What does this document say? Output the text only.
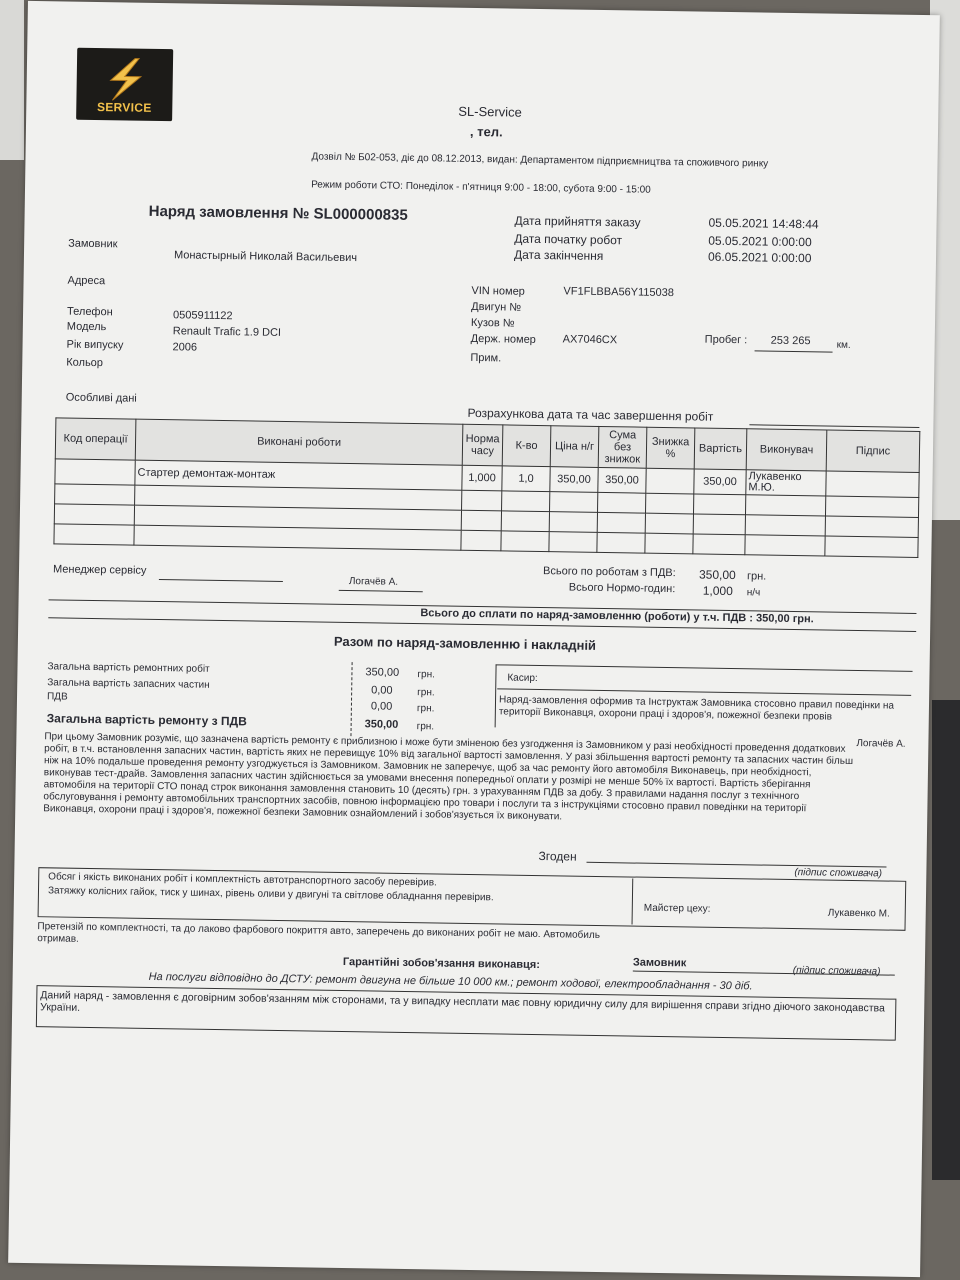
SERVICE	SL-Service
, тел.
Дозвіл № Б02-053, діє до 08.12.2013, видан: Департаментом підприємництва та споживчого ринку
Режим роботи СТО: Понеділок - п'ятниця 9:00 - 18:00, субота 9:00 - 15:00
Наряд замовлення № SL000000835	Дата прийняття заказу	05.05.2021 14:48:44
Дата початку робот	05.05.2021 0:00:00
Дата закінчення	06.05.2021 0:00:00
Замовник
Монастырный Николай Васильевич
Адреса
Телефон	0505911122
Модель	Renault Trafic 1.9 DCI
Рік випуску	2006
Кольор
Особливі дані
VIN номер	VF1FLBBA56Y115038
Двигун №
Кузов №
Держ. номер AX7046CX
Прим.
Пробег : 253 265	км.
Розрахункова дата та час завершення робіт
Код операції	Виконані роботи	Норма часу	К-во	Ціна н/г	Сума без знижок	Знижка %	Вартість	Виконувач	Підпис
	Стартер демонтаж-монтаж	1,000	1,0	350,00	350,00		350,00	Лукавенко М.Ю.	

Менеджер сервісу
Логачёв А.
Всього по роботам з ПДВ: 350,00 грн.
Всього Нормо-годин: 1,000 н/ч
Всього до сплати по наряд-замовленню (роботи) у т.ч. ПДВ : 350,00 грн.
Разом по наряд-замовленню і накладній
Загальна вартість ремонтних робіт	350,00 грн.
Загальна вартість запасних частин	0,00 грн.
ПДВ
0,00 грн.
Загальна вартість ремонту з ПДВ	350,00 грн.
Касир:
Наряд-замовлення оформив та Інструктаж Замовника стосовно правил поведінки на території Виконавця, охорони праці і здоров'я, пожежної безпеки провів
Логачёв А.
При цьому Замовник розуміє, що зазначена вартість ремонту є приблизною і може бути зміненою без узгодження із Замовником у разі необхідності проведення додаткових робіт, в т.ч. встановлення запасних частин, вартість яких не перевищує 10% від загальної вартості замовлення. У разі збільшення вартості ремонту та запасних частин більш ніж на 10% подальше проведення ремонту узгоджується із Замовником. Замовник не заперечує, щоб за час ремонту його автомобіля Виконавець, при необхідності, виконував тест-драйв. Замовлення запасних частин здійснюється за умовами внесення попередньої оплати у розмірі не менше 50% їх вартості. Вартість зберігання автомобіля на території СТО понад строк виконання замовлення становить 10 (десять) грн. з урахуванням ПДВ за добу. З правилами надання послуг з технічного обслуговування і ремонту автомобільних транспортних засобів, повною інформацією про товари і послуги та з інструкціями стосовно правил поведінки на території Виконавця, охорони праці і здоров'я, пожежної безпеки Замовник ознайомлений і зобов'язується їх виконувати.
Згоден
(підпис споживача)
Обсяг і якість виконаних робіт і комплектність автотранспортного засобу перевірив.
Затяжку колісних гайок, тиск у шинах, рівень оливи у двигуні та світлове обладнання перевірив.
Майстер цеху:	Лукавенко М.
Претензій по комплектності, та до лаково фарбового покриття авто, заперечень до виконаних робіт не маю. Автомобиль отримав.
Замовник
(підпис споживача)
Гарантійні зобов'язання виконавця:
На послуги відповідно до ДСТУ: ремонт двигуна не більше 10 000 км.; ремонт ходової, електрообладнання - 30 діб.
Даний наряд - замовлення є договірним зобов'язанням між сторонами, та у випадку несплати має повну юридичну силу для вирішення справи згідно діючого законодавства України.
